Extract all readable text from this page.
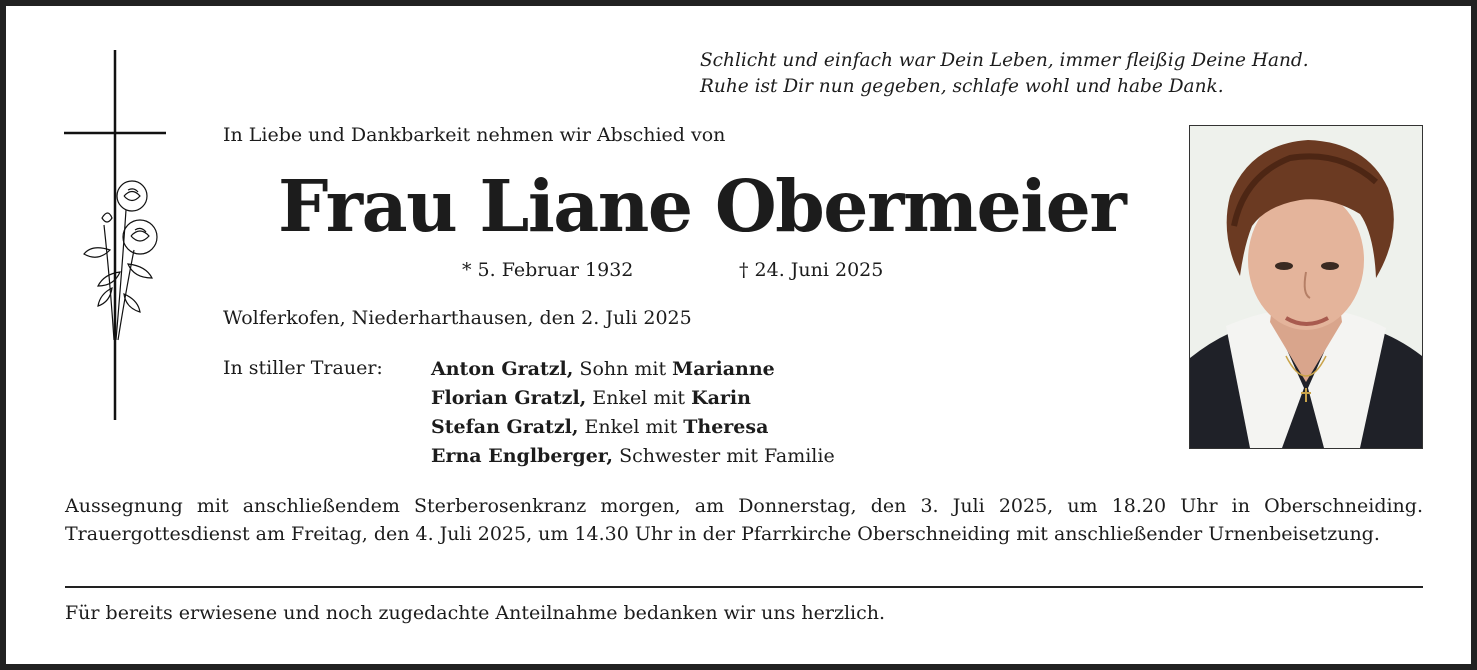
Schlicht und einfach war Dein Leben, immer fleißig Deine Hand.
Ruhe ist Dir nun gegeben, schlafe wohl und habe Dank.
In Liebe und Dankbarkeit nehmen wir Abschied von
Frau Liane Obermeier
* 5. Februar 1932	† 24. Juni 2025
Wolferkofen, Niederharthausen, den 2. Juli 2025
In stiller Trauer:	Anton Gratzl, Sohn mit Marianne
Florian Gratzl, Enkel mit Karin
Stefan Gratzl, Enkel mit Theresa
Erna Englberger, Schwester mit Familie
Aussegnung mit anschließendem Sterberosenkranz morgen, am Donnerstag, den 3. Juli 2025, um 18.20 Uhr in Oberschneiding. Trauergottesdienst am Freitag, den 4. Juli 2025, um 14.30 Uhr in der Pfarrkirche Oberschneiding mit anschließender Urnenbeisetzung.
Für bereits erwiesene und noch zugedachte Anteilnahme bedanken wir uns herzlich.
